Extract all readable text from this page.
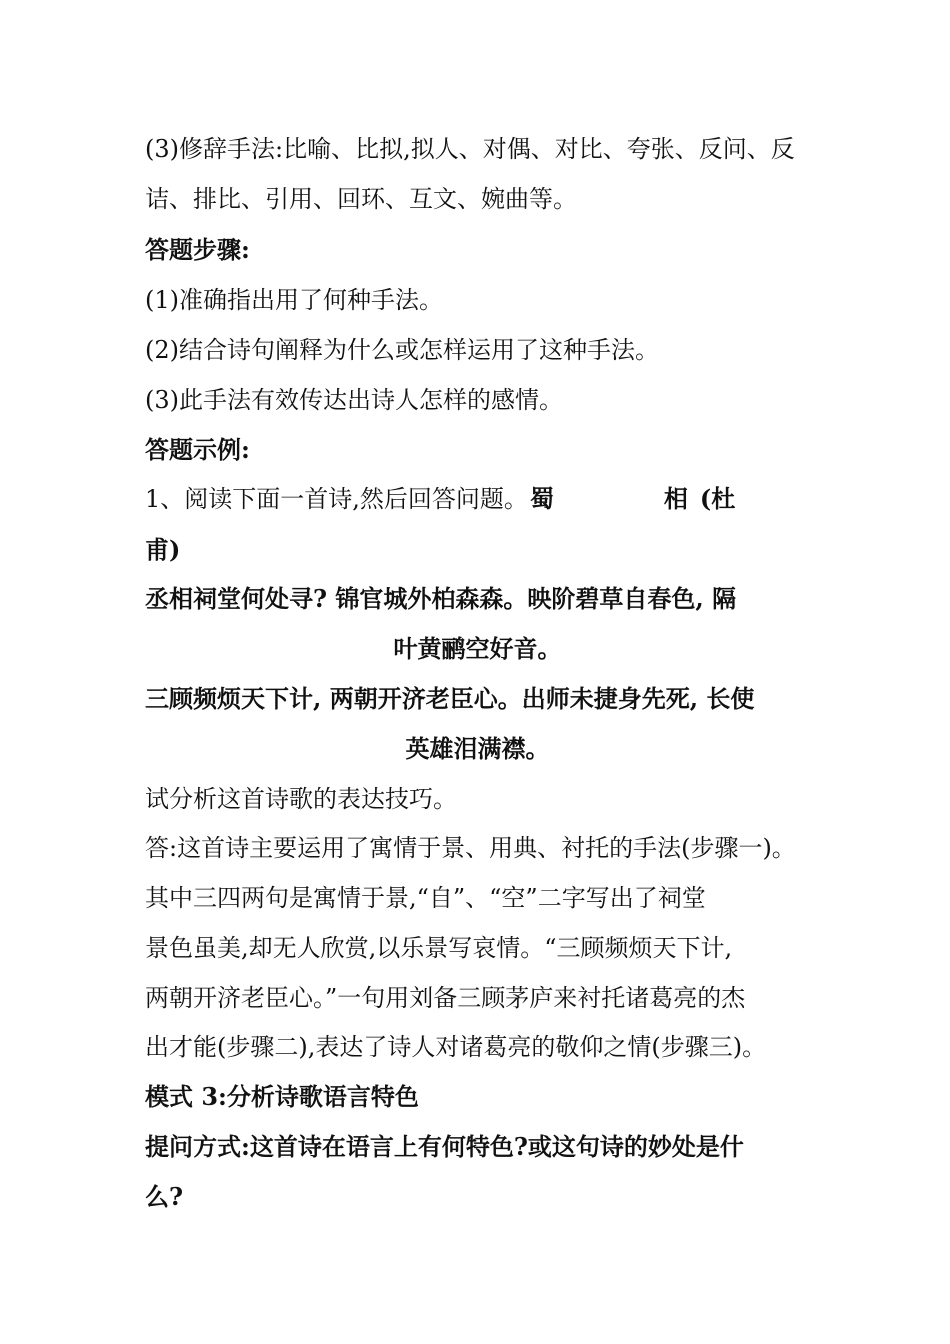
(3)修辞手法:比喻、比拟,拟人、对偶、对比、夸张、反问、反
诘、排比、引用、回环、互文、婉曲等。
答题步骤:
(1)准确指出用了何种手法。
(2)结合诗句阐释为什么或怎样运用了这种手法。
(3)此手法有效传达出诗人怎样的感情。
答题示例:
1、阅读下面一首诗,然后回答问题。蜀	相 (杜
甫)
丞相祠堂何处寻? 锦官城外柏森森。映阶碧草自春色, 隔
叶黄鹂空好音。
三顾频烦天下计, 两朝开济老臣心。出师未捷身先死, 长使
英雄泪满襟。
试分析这首诗歌的表达技巧。
答:这首诗主要运用了寓情于景、用典、衬托的手法(步骤一)。
其中三四两句是寓情于景,“自”、“空”二字写出了祠堂
景色虽美,却无人欣赏,以乐景写哀情。“三顾频烦天下计,
两朝开济老臣心。”一句用刘备三顾茅庐来衬托诸葛亮的杰
出才能(步骤二),表达了诗人对诸葛亮的敬仰之情(步骤三)。
模式 3:分析诗歌语言特色
提问方式:这首诗在语言上有何特色?或这句诗的妙处是什
么?
